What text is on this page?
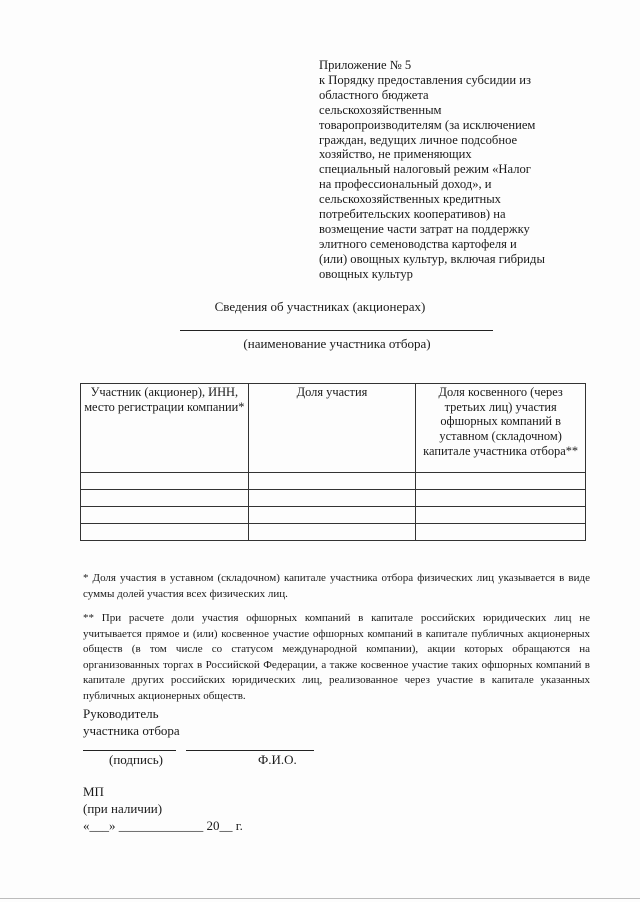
Приложение № 5
к Порядку предоставления субсидии из
областного бюджета
сельскохозяйственным
товаропроизводителям (за исключением
граждан, ведущих личное подсобное
хозяйство, не применяющих
специальный налоговый режим «Налог
на профессиональный доход», и
сельскохозяйственных кредитных
потребительских кооперативов) на
возмещение части затрат на поддержку
элитного семеноводства картофеля и
(или) овощных культур, включая гибриды
овощных культур
Сведения об участниках (акционерах)
(наименование участника отбора)
Участник (акционер), ИНН, место регистрации компании*	Доля участия	Доля косвенного (через третьих лиц) участия офшорных компаний в уставном (складочном) капитале участника отбора**

* Доля участия в уставном (складочном) капитале участника отбора физических лиц указывается в виде суммы долей участия всех физических лиц.
** При расчете доли участия офшорных компаний в капитале российских юридических лиц не учитывается прямое и (или) косвенное участие офшорных компаний в капитале публичных акционерных обществ (в том числе со статусом международной компании), акции которых обращаются на организованных торгах в Российской Федерации, а также косвенное участие таких офшорных компаний в капитале других российских юридических лиц, реализованное через участие в капитале указанных публичных акционерных обществ.
Руководитель
участника отбора
(подпись)	Ф.И.О.
МП
(при наличии)
«___» _____________ 20__ г.
